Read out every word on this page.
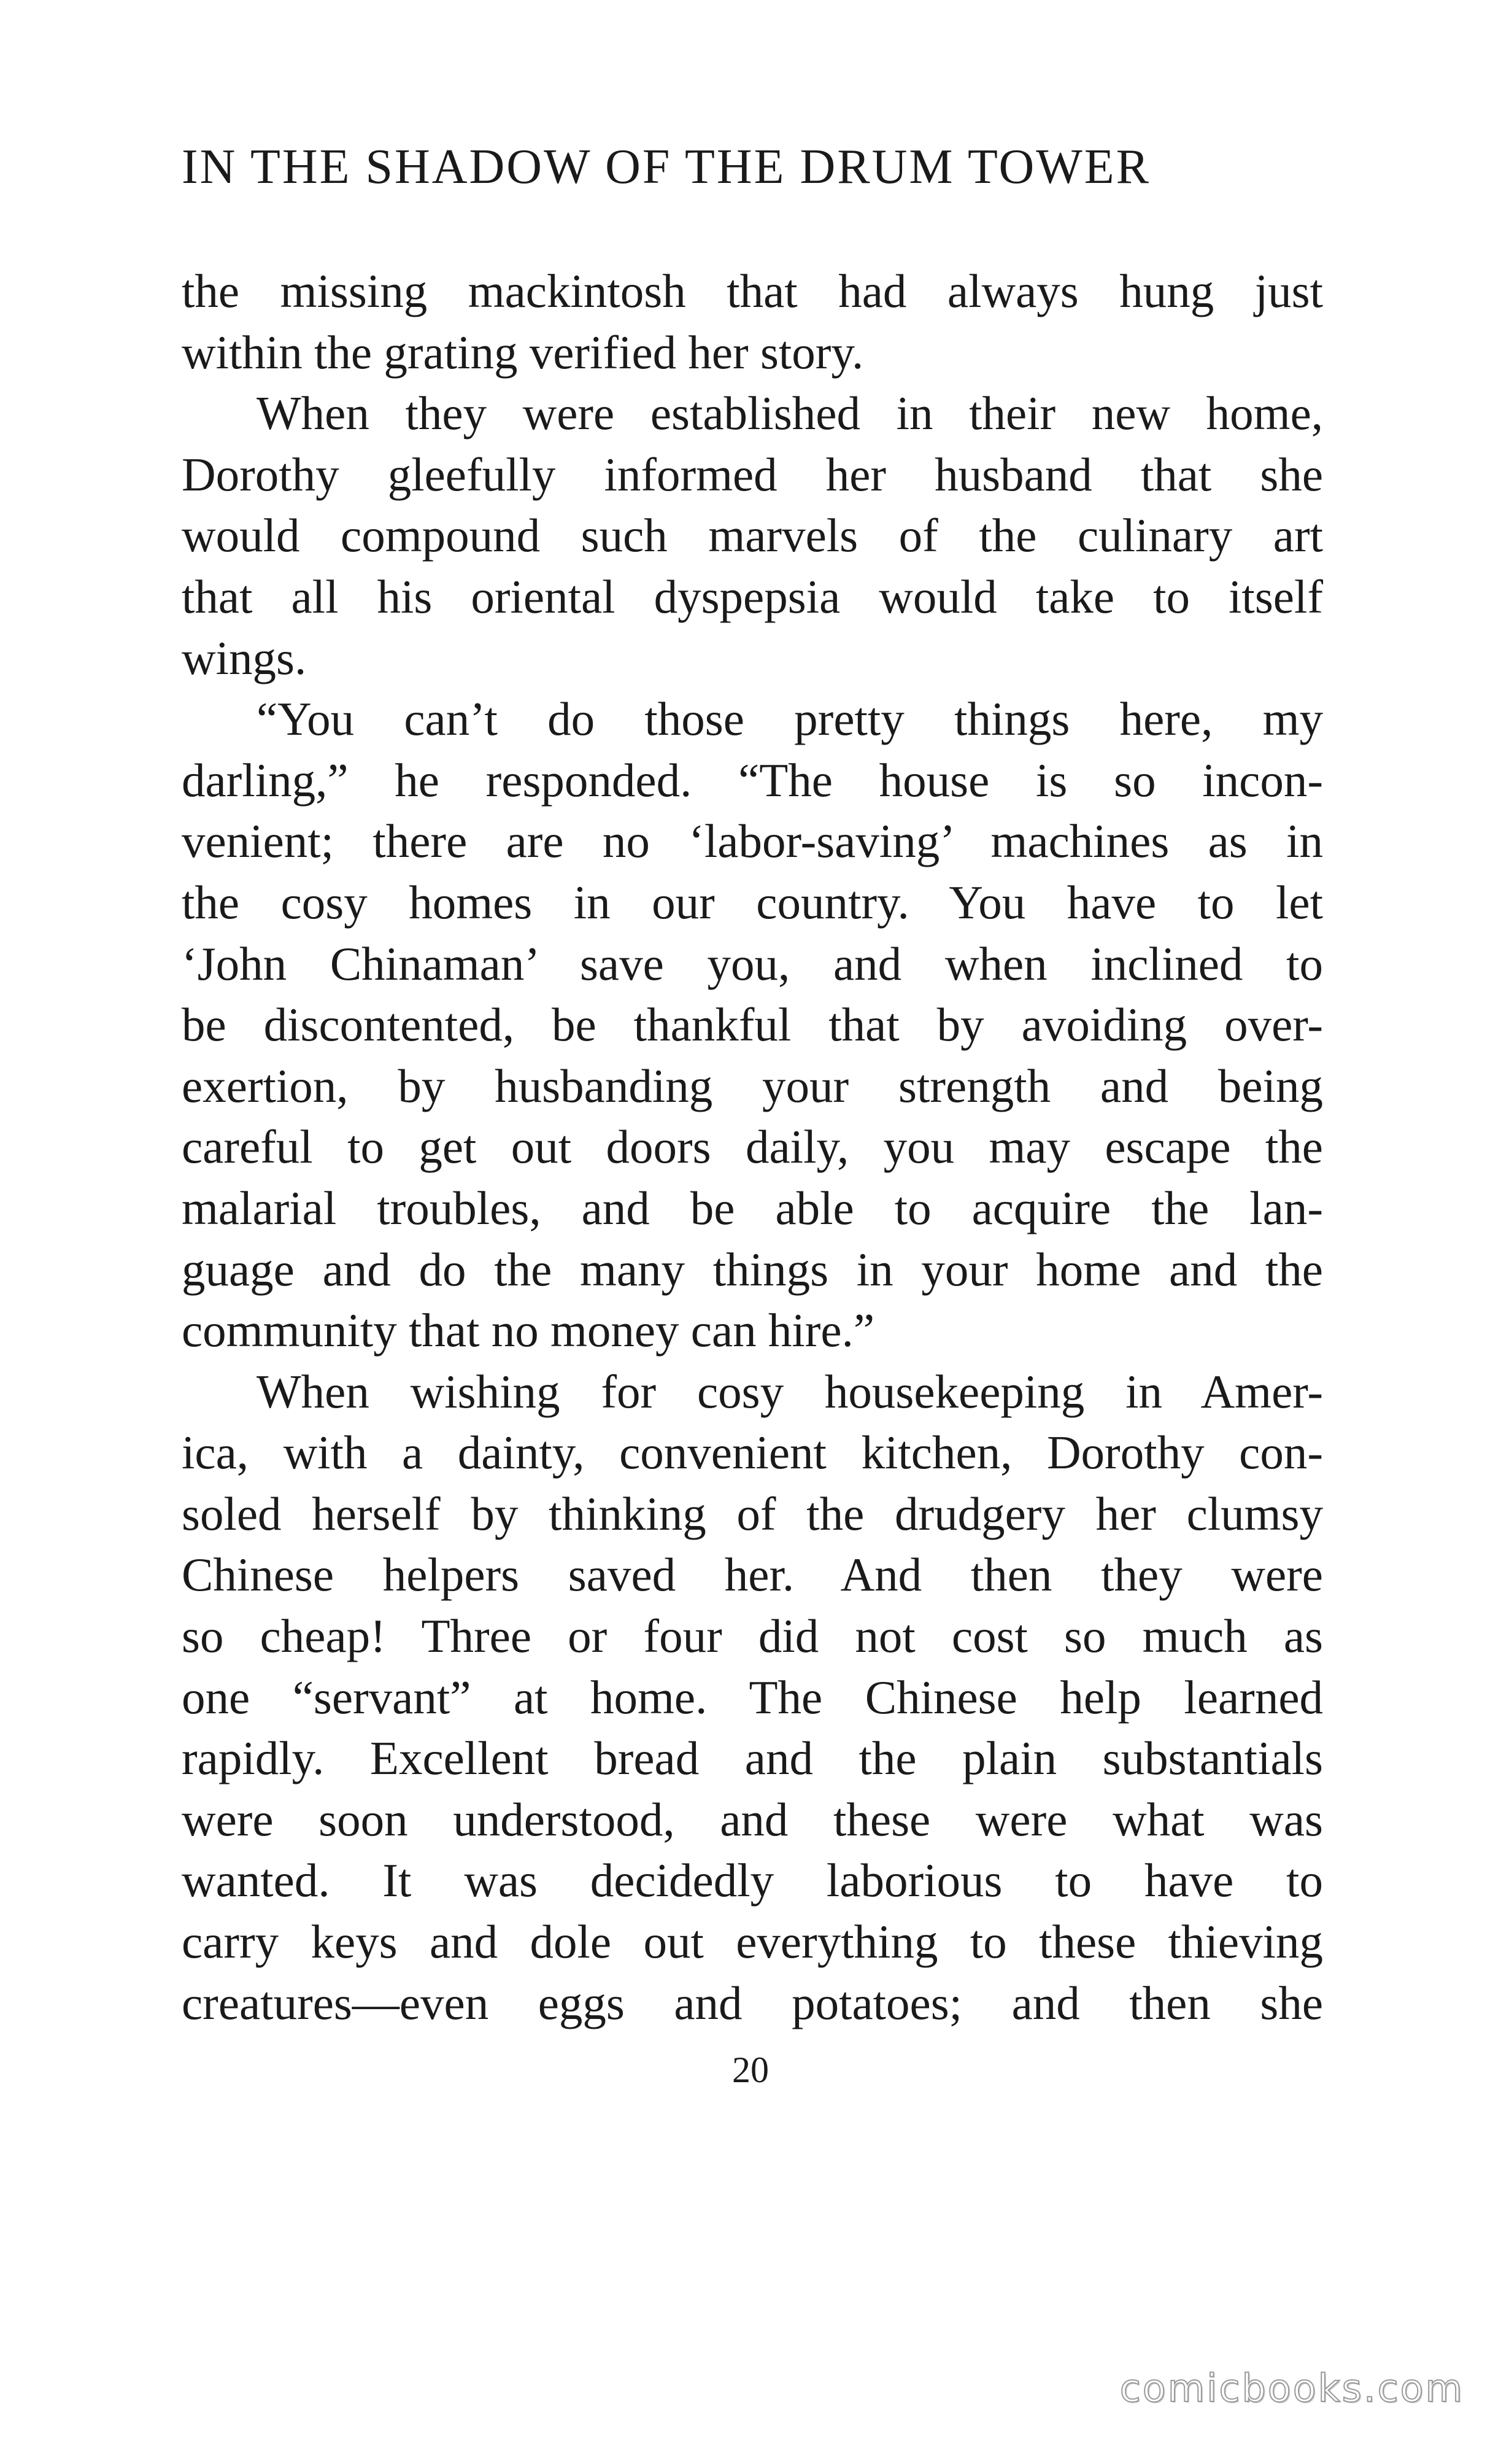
IN THE SHADOW OF THE DRUM TOWER
the missing mackintosh that had always hung just
within the grating verified her story.
When they were established in their new home,
Dorothy gleefully informed her husband that she
would compound such marvels of the culinary art
that all his oriental dyspepsia would take to itself
wings.
“You can’t do those pretty things here, my
darling,” he responded. “The house is so incon-
venient; there are no ‘labor-saving’ machines as in
the cosy homes in our country. You have to let
‘John Chinaman’ save you, and when inclined to
be discontented, be thankful that by avoiding over-
exertion, by husbanding your strength and being
careful to get out doors daily, you may escape the
malarial troubles, and be able to acquire the lan-
guage and do the many things in your home and the
community that no money can hire.”
When wishing for cosy housekeeping in Amer-
ica, with a dainty, convenient kitchen, Dorothy con-
soled herself by thinking of the drudgery her clumsy
Chinese helpers saved her. And then they were
so cheap! Three or four did not cost so much as
one “servant” at home. The Chinese help learned
rapidly. Excellent bread and the plain substantials
were soon understood, and these were what was
wanted. It was decidedly laborious to have to
carry keys and dole out everything to these thieving
creatures—even eggs and potatoes; and then she
20
comicbooks.com
